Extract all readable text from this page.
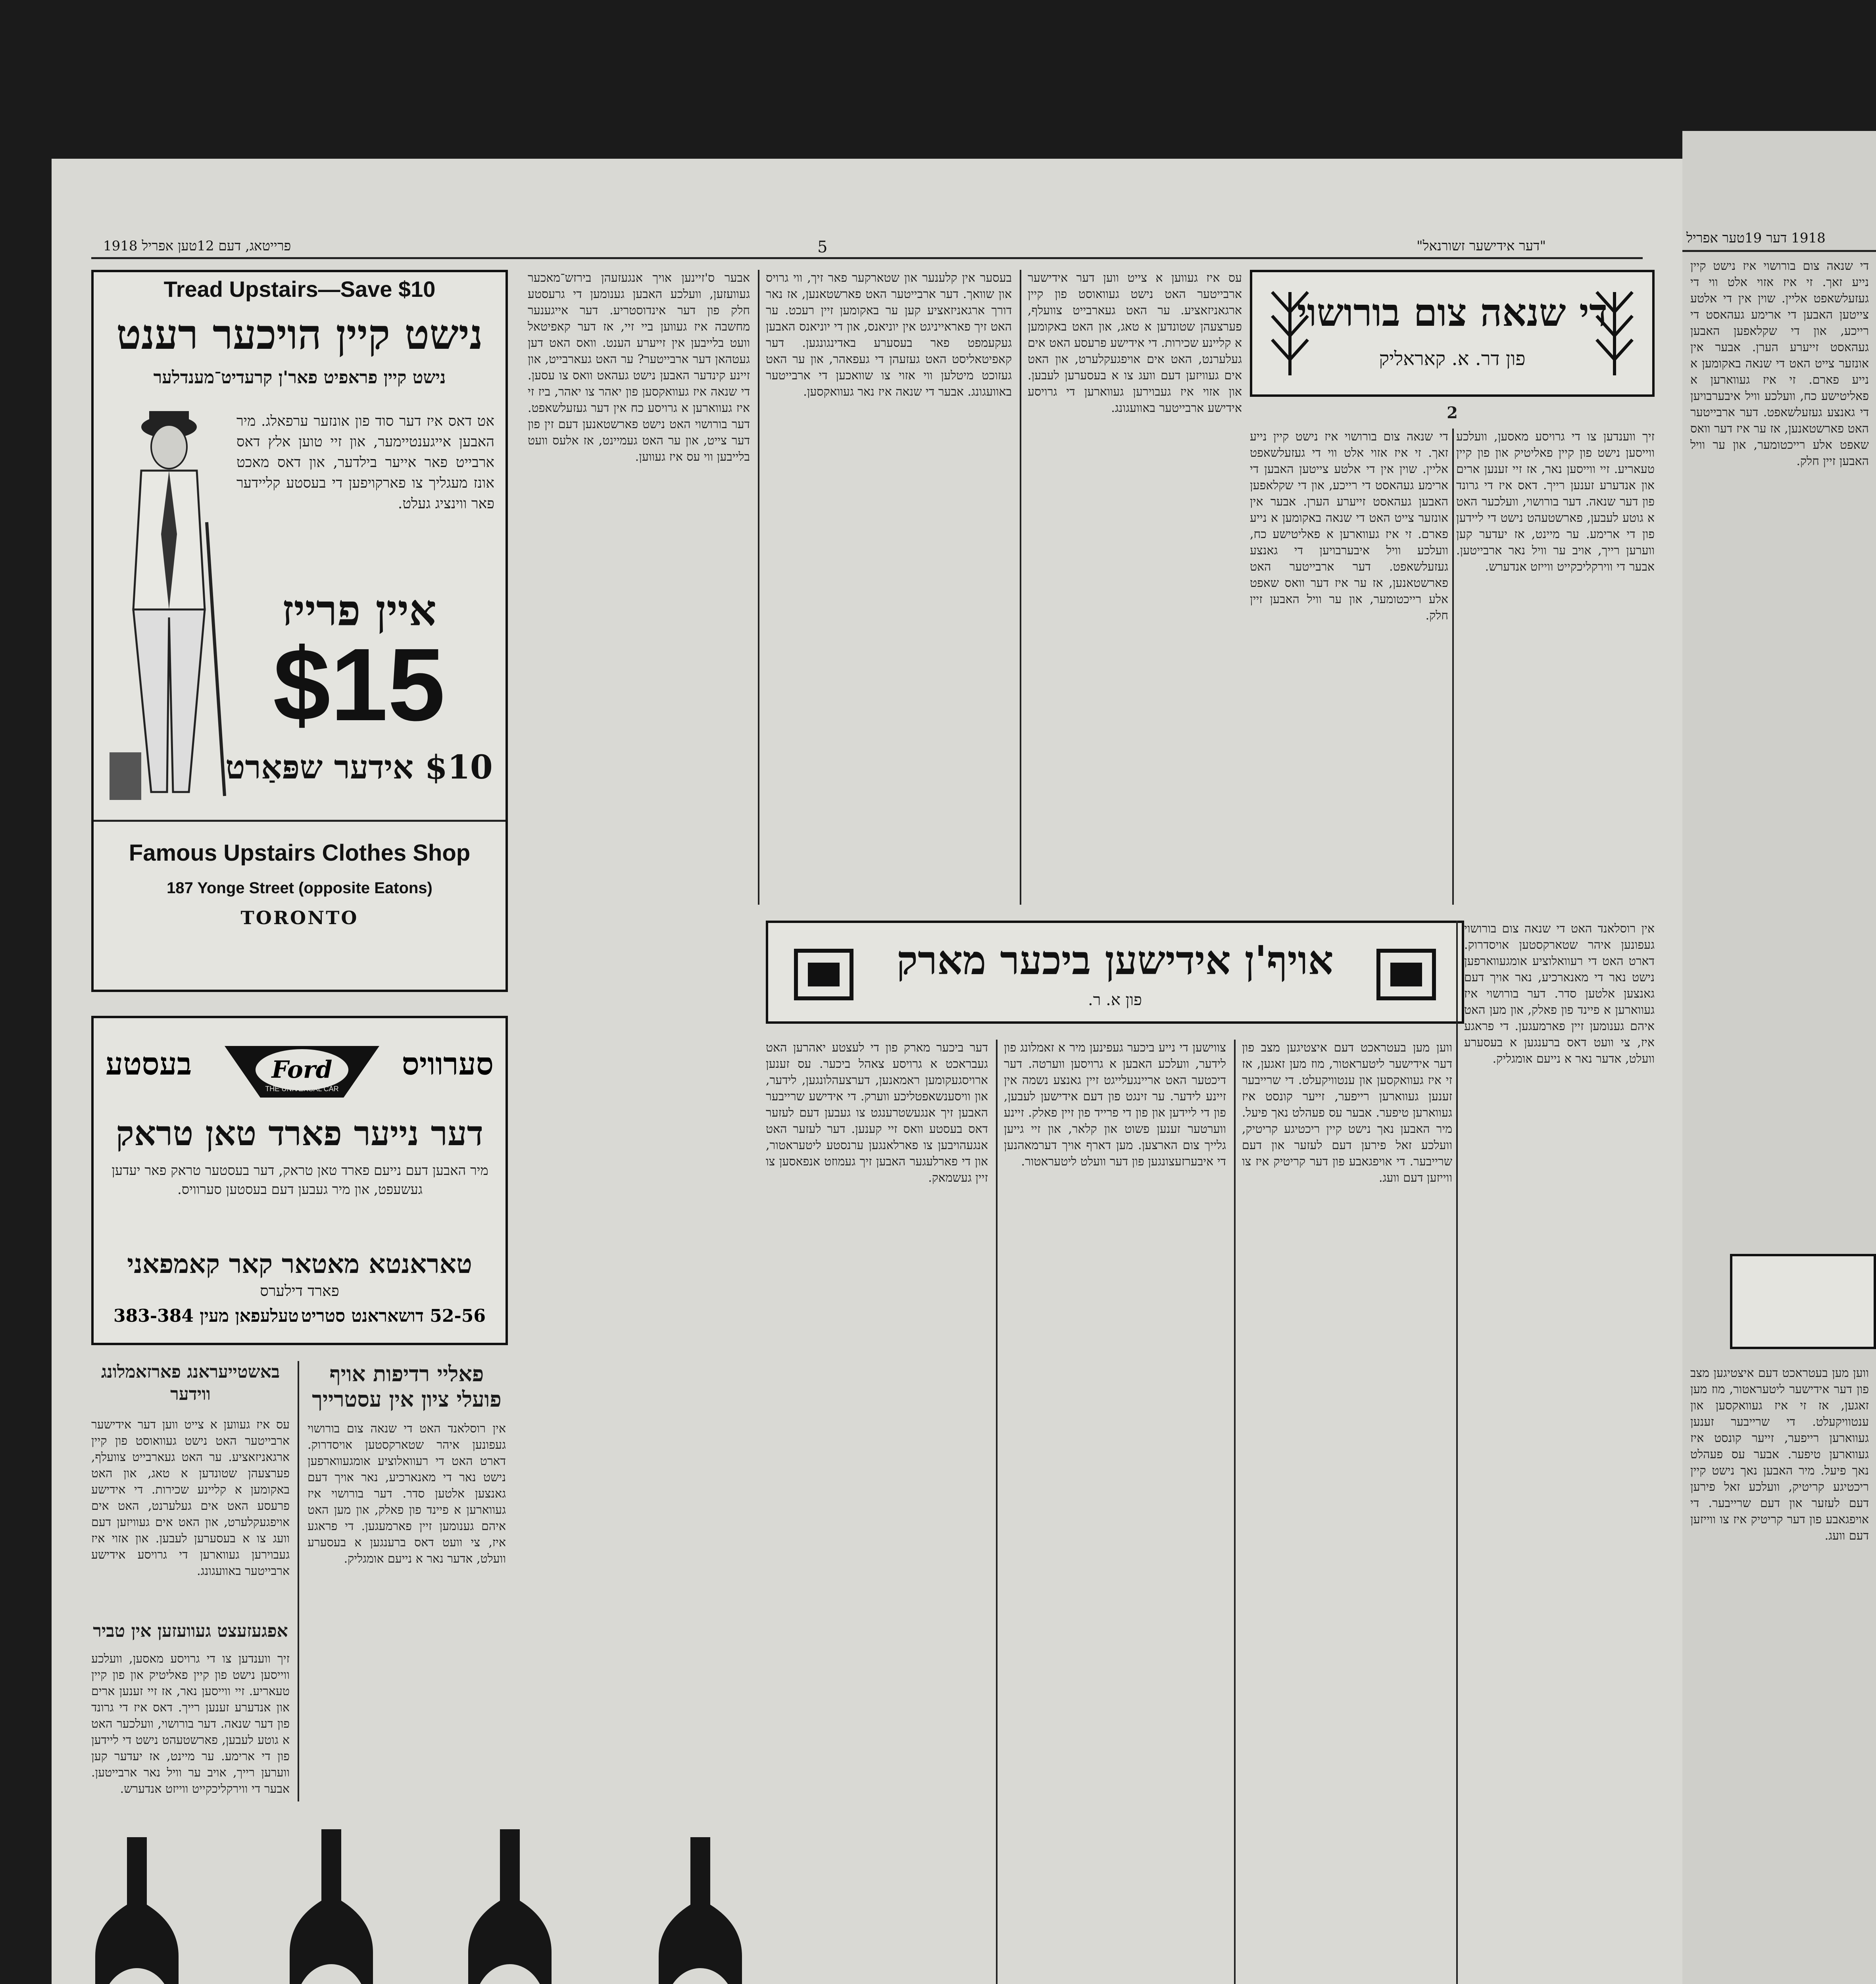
פרייטאג, דעם 12טען אפריל 1918	5	"דער אידישער זשורנאל"
Tread Upstairs—Save $10
נישט קיין הויכער רענט
נישט קיין פראפיט פאר'ן קרעדיט־מענדלער
אט דאס איז דער סוד פון אונזער ערפאלג. מיר האבען אייגענטיימער, און זיי טוען אלץ דאס ארבייט פאר אייער בילדער, און דאס מאכט אונז מעגליך צו פארקויפען די בעסטע קליידער פאר ווינציג געלט.
איין פרייז
$15
$10 אידער שפּאַרט
Famous Upstairs Clothes Shop
187 Yonge Street (opposite Eatons)
TORONTO
בעסטע	סערוויס
Ford
THE UNIVERSAL CAR
דער נייער פארד טאן טראק
מיר האבען דעם נייעם פארד טאן טראק, דער בעסטער טראק פאר יעדען געשעפט, און מיר געבען דעם בעסטען סערוויס.
טאראנטא מאטאר קאר קאמפאני
פארד דילערס
52-56 דושאראנט סטריט
טעלעפאן מעין 383-384
באשטייעראנג פארזאמלונג ווידער
עס איז געווען א צייט ווען דער אידישער ארבייטער האט נישט געוואוסט פון קיין ארגאניזאציע. ער האט געארבייט צוועלף, פערצעהן שטונדען א טאג, און האט באקומען א קליינע שכירות. די אידישע פרעסע האט אים געלערנט, האט אים אויפגעקלערט, און האט אים געוויזען דעם וועג צו א בעסערען לעבען. און אזוי איז געבוירען געווארען די גרויסע אידישע ארבייטער באוועגונג.
אפגעזעצט געוועזען אין טביר
זיך ווענדען צו די גרויסע מאסען, וועלכע ווייסען נישט פון קיין פאליטיק און פון קיין טעאריע. זיי ווייסען נאר, אז זיי זענען ארים און אנדערע זענען רייך. דאס איז די גרונד פון דער שנאה. דער בורושוי, וועלכער האט א גוטע לעבען, פארשטעהט נישט די ליידען פון די ארימע. ער מיינט, אז יעדער קען ווערען רייך, אויב ער וויל נאר ארבייטען. אבער די ווירקליכקייט ווייזט אנדערש.
פאליי רדיפות אויף פועלי ציון אין עסטרייך
אין רוסלאנד האט די שנאה צום בורושוי געפונען איהר שטארקסטען אויסדרוק. דארט האט די רעוואלוציע אומגעווארפען נישט נאר די מאנארכיע, נאר אויך דעם גאנצען אלטען סדר. דער בורושוי איז געווארען א פיינד פון פאלק, און מען האט איהם גענומען זיין פארמעגען. די פראגע איז, צי וועט דאס ברענגען א בעסערע וועלט, אדער נאר א נייעם אומגליק.
אבער ס'זיינען אויך אנגעזעהן בירזש־מאכער געוועזען, וועלכע האבען גענומען די גרעסטע חלק פון דער אינדוסטריע. דער אייגענער מחשבה איז געווען ביי זיי, אז דער קאפיטאל וועט בלייבען אין זייערע הענט. וואס האט דען געטהאן דער ארבייטער? ער האט געארבייט, און זיינע קינדער האבען נישט געהאט וואס צו עסען. די שנאה איז געוואקסען פון יאהר צו יאהר, ביז זי איז געווארען א גרויסע כח אין דער געזעלשאפט. דער בורושוי האט נישט פארשטאנען דעם זין פון דער צייט, און ער האט געמיינט, אז אלעס וועט בלייבען ווי עס איז געווען.
בעסער אין קלענער און שטארקער פאר זיך, ווי גרויס און שוואך. דער ארבייטער האט פארשטאנען, אז נאר דורך ארגאניזאציע קען ער באקומען זיין רעכט. ער האט זיך פאראייניגט אין יוניאנס, און די יוניאנס האבען געקעמפט פאר בעסערע באדינגונגען. דער קאפיטאליסט האט געזעהן די געפאהר, און ער האט געזוכט מיטלען ווי אזוי צו שוואכען די ארבייטער באוועגונג. אבער די שנאה איז נאר געוואקסען.
עס איז געווען א צייט ווען דער אידישער ארבייטער האט נישט געוואוסט פון קיין ארגאניזאציע. ער האט געארבייט צוועלף, פערצעהן שטונדען א טאג, און האט באקומען א קליינע שכירות. די אידישע פרעסע האט אים געלערנט, האט אים אויפגעקלערט, און האט אים געוויזען דעם וועג צו א בעסערען לעבען. און אזוי איז געבוירען געווארען די גרויסע אידישע ארבייטער באוועגונג.
די שנאה צום בורושוי
פון דר. א. קאראליק
2
די שנאה צום בורושוי איז נישט קיין נייע זאך. זי איז אזוי אלט ווי די געזעלשאפט אליין. שוין אין די אלטע צייטען האבען די ארימע געהאסט די רייכע, און די שקלאפען האבען געהאסט זייערע הערן. אבער אין אונזער צייט האט די שנאה באקומען א נייע פארם. זי איז געווארען א פאליטישע כח, וועלכע וויל איבערבויען די גאנצע געזעלשאפט. דער ארבייטער האט פארשטאנען, אז ער איז דער וואס שאפט אלע רייכטומער, און ער וויל האבען זיין חלק.
זיך ווענדען צו די גרויסע מאסען, וועלכע ווייסען נישט פון קיין פאליטיק און פון קיין טעאריע. זיי ווייסען נאר, אז זיי זענען ארים און אנדערע זענען רייך. דאס איז די גרונד פון דער שנאה. דער בורושוי, וועלכער האט א גוטע לעבען, פארשטעהט נישט די ליידען פון די ארימע. ער מיינט, אז יעדער קען ווערען רייך, אויב ער וויל נאר ארבייטען. אבער די ווירקליכקייט ווייזט אנדערש.
אויף'ן אידישען ביכער מארק
פון א. ר.
דער ביכער מארק פון די לעצטע יאהרען האט געבראכט א גרויסע צאהל ביכער. עס זענען ארויסגעקומען ראמאנען, דערצעהלונגען, לידער, און וויסענשאפטליכע ווערק. די אידישע שרייבער האבען זיך אנגעשטרענגט צו געבען דעם לעזער דאס בעסטע וואס זיי קענען. דער לעזער האט אנגעהויבען צו פארלאנגען ערנסטע ליטעראטור, און די פארלעגער האבען זיך געמוזט אנפאסען צו זיין געשמאק.
צווישען די נייע ביכער געפינען מיר א זאמלונג פון לידער, וועלכע האבען א גרויסען ווערטה. דער דיכטער האט אריינגעלייגט זיין גאנצע נשמה אין זיינע לידער. ער זינגט פון דעם אידישען לעבען, פון די ליידען און פון די פרייד פון זיין פאלק. זיינע ווערטער זענען פשוט און קלאר, און זיי גייען גלייך צום הארצען. מען דארף אויך דערמאהנען די איבערזעצונגען פון דער וועלט ליטעראטור.
ווען מען בעטראכט דעם איצטיגען מצב פון דער אידישער ליטעראטור, מוז מען זאגען, אז זי איז געוואקסען און ענטוויקעלט. די שרייבער זענען געווארען רייפער, זייער קונסט איז געווארען טיפער. אבער עס פעהלט נאך פיעל. מיר האבען נאך נישט קיין ריכטיגע קריטיק, וועלכע זאל פירען דעם לעזער און דעם שרייבער. די אויפגאבע פון דער קריטיק איז צו ווייזען דעם וועג.
אין רוסלאנד האט די שנאה צום בורושוי געפונען איהר שטארקסטען אויסדרוק. דארט האט די רעוואלוציע אומגעווארפען נישט נאר די מאנארכיע, נאר אויך דעם גאנצען אלטען סדר. דער בורושוי איז געווארען א פיינד פון פאלק, און מען האט איהם גענומען זיין פארמעגען. די פראגע איז, צי וועט דאס ברענגען א בעסערע וועלט, אדער נאר א נייעם אומגליק.
1918 דער 19טער אפריל
די שנאה צום בורושוי איז נישט קיין נייע זאך. זי איז אזוי אלט ווי די געזעלשאפט אליין. שוין אין די אלטע צייטען האבען די ארימע געהאסט די רייכע, און די שקלאפען האבען געהאסט זייערע הערן. אבער אין אונזער צייט האט די שנאה באקומען א נייע פארם. זי איז געווארען א פאליטישע כח, וועלכע וויל איבערבויען די גאנצע געזעלשאפט. דער ארבייטער האט פארשטאנען, אז ער איז דער וואס שאפט אלע רייכטומער, און ער וויל האבען זיין חלק.
ווען מען בעטראכט דעם איצטיגען מצב פון דער אידישער ליטעראטור, מוז מען זאגען, אז זי איז געוואקסען און ענטוויקעלט. די שרייבער זענען געווארען רייפער, זייער קונסט איז געווארען טיפער. אבער עס פעהלט נאך פיעל. מיר האבען נאך נישט קיין ריכטיגע קריטיק, וועלכע זאל פירען דעם לעזער און דעם שרייבער. די אויפגאבע פון דער קריטיק איז צו ווייזען דעם וועג.
